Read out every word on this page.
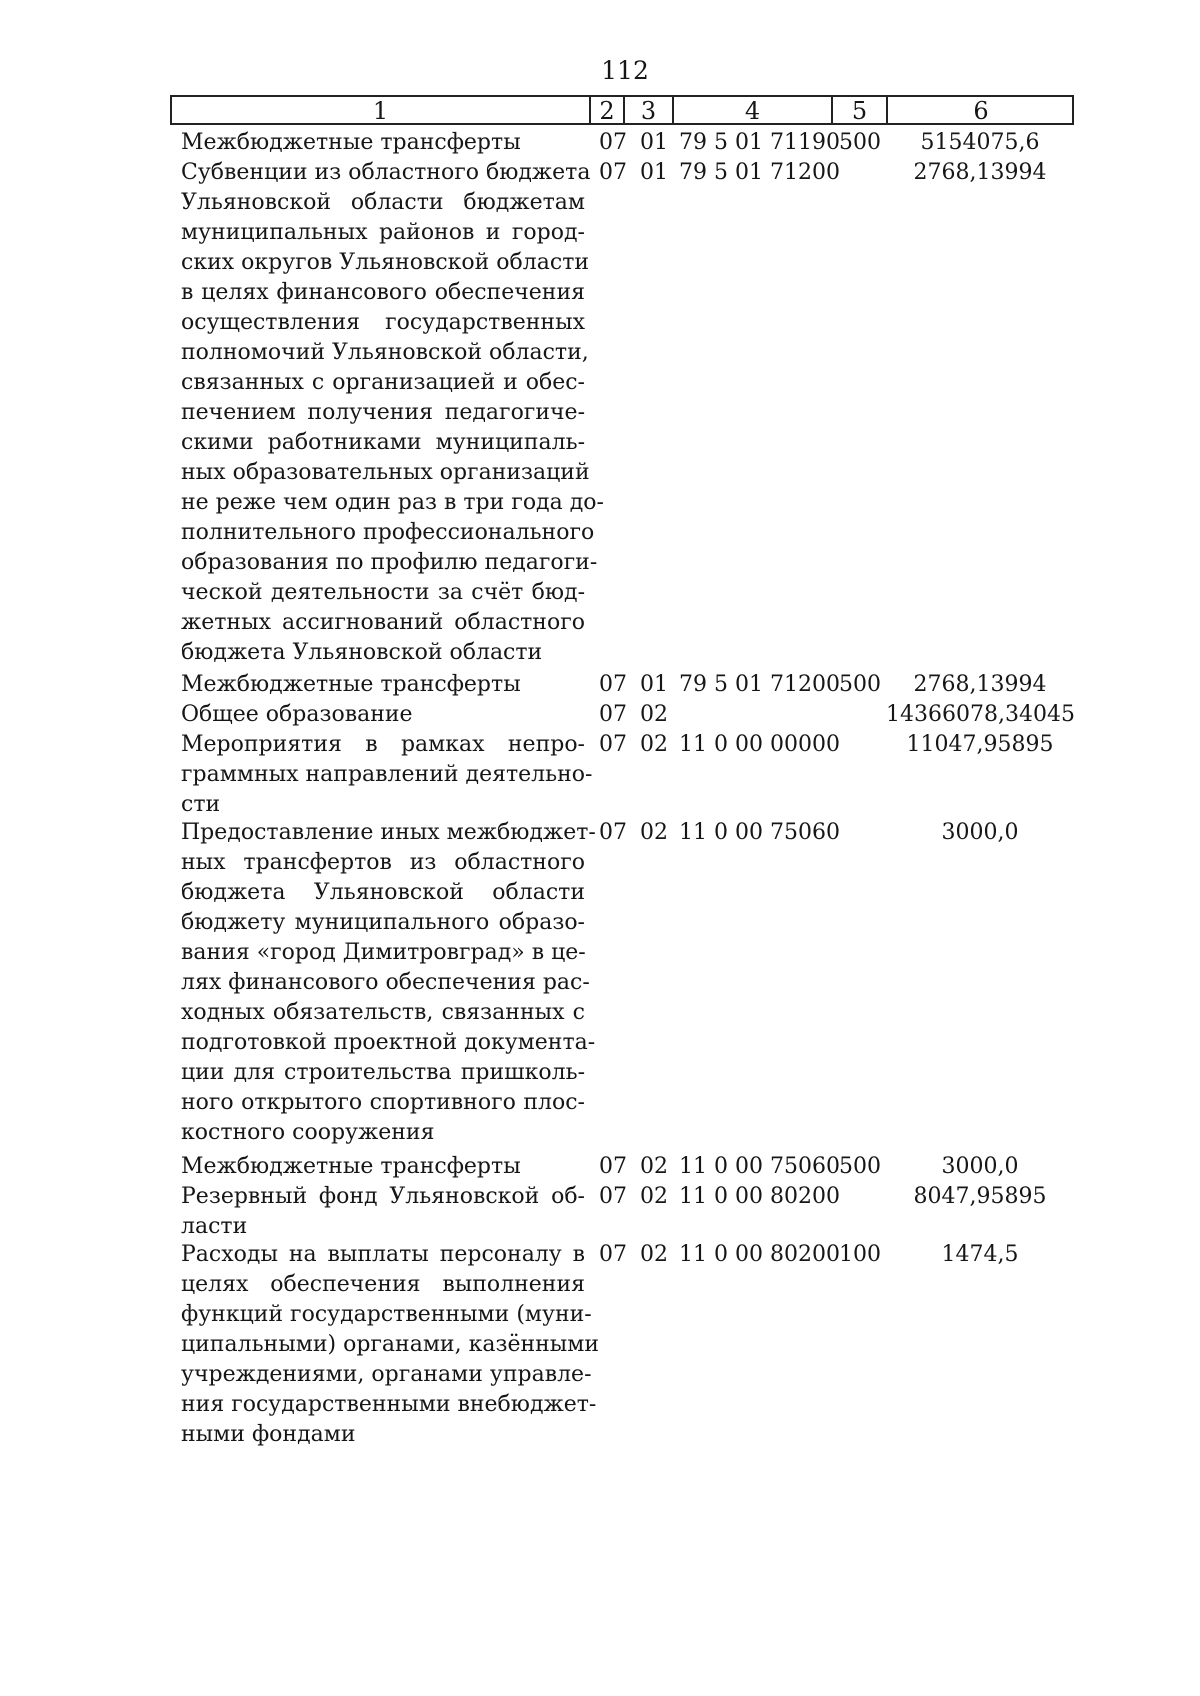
112
1	2	3	4	5	6
Межбюджетные трансферты	07 01 79 5 01 71190 500	5154075,6
Субвенции из областного бюджета
Ульяновской области бюджетам
муниципальных районов и город-
ских округов Ульяновской области
в целях финансового обеспечения
осуществления государственных
полномочий Ульяновской области,
связанных с организацией и обес-
печением получения педагогиче-
скими работниками муниципаль-
ных образовательных организаций
не реже чем один раз в три года до-
полнительного профессионального
образования по профилю педагоги-
ческой деятельности за счёт бюд-
жетных ассигнований областного
бюджета Ульяновской области
07 01 79 5 01 71200	2768,13994
Межбюджетные трансферты	07 01 79 5 01 71200 500	2768,13994
Общее образование	07 02	14366078,34045
Мероприятия в рамках непро-
граммных направлений деятельно-
сти
07 02 11 0 00 00000	11047,95895
Предоставление иных межбюджет-
ных трансфертов из областного
бюджета Ульяновской области
бюджету муниципального образо-
вания «город Димитровград» в це-
лях финансового обеспечения рас-
ходных обязательств, связанных с
подготовкой проектной документа-
ции для строительства пришколь-
ного открытого спортивного плос-
костного сооружения
07 02 11 0 00 75060	3000,0
Межбюджетные трансферты	07 02 11 0 00 75060 500	3000,0
Резервный фонд Ульяновской об-
ласти
07 02 11 0 00 80200	8047,95895
Расходы на выплаты персоналу в
целях обеспечения выполнения
функций государственными (муни-
ципальными) органами, казёнными
учреждениями, органами управле-
ния государственными внебюджет-
ными фондами
07 02 11 0 00 80200 100	1474,5
